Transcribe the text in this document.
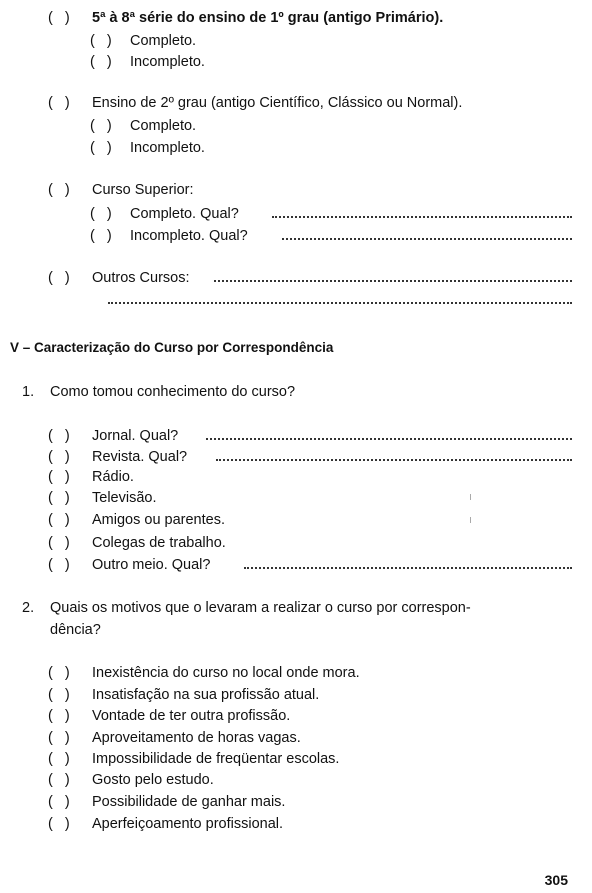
( ) 5ª à 8ª série do ensino de 1º grau (antigo Primário).
( ) Completo.
( ) Incompleto.
( ) Ensino de 2º grau (antigo Científico, Clássico ou Normal).
( ) Completo.
( ) Incompleto.
( ) Curso Superior:
( ) Completo. Qual?
( ) Incompleto. Qual?
( ) Outros Cursos:
V – Caracterização do Curso por Correspondência
1. Como tomou conhecimento do curso?
( ) Jornal. Qual?
( ) Revista. Qual?
( ) Rádio.
( ) Televisão.
( ) Amigos ou parentes.
( ) Colegas de trabalho.
( ) Outro meio. Qual?
2. Quais os motivos que o levaram a realizar o curso por correspon-
dência?
( ) Inexistência do curso no local onde mora.
( ) Insatisfação na sua profissão atual.
( ) Vontade de ter outra profissão.
( ) Aproveitamento de horas vagas.
( ) Impossibilidade de freqüentar escolas.
( ) Gosto pelo estudo.
( ) Possibilidade de ganhar mais.
( ) Aperfeiçoamento profissional.

305
